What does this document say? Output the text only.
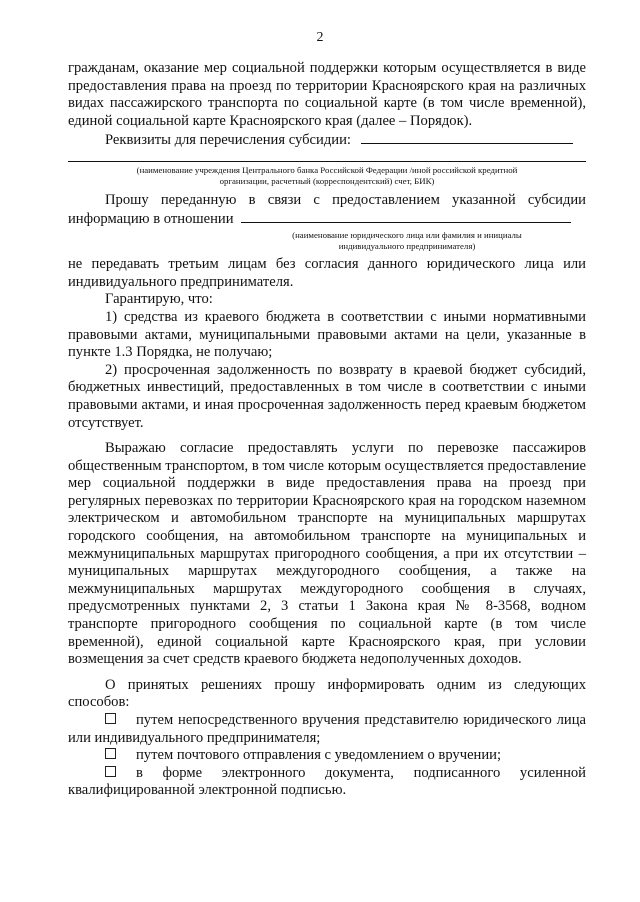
2

гражданам, оказание мер социальной поддержки которым осуществляется в виде предоставления права на проезд по территории Красноярского края на различных видах пассажирского транспорта по социальной карте (в том числе временной), единой социальной карте Красноярского края (далее – Порядок).

Реквизиты для перечисления субсидии:

(наименование учреждения Центрального банка Российской Федерации /иной российской кредитной
организации, расчетный (корреспондентский) счет, БИК)

Прошу переданную в связи с предоставлением указанной субсидии
информацию в отношении

(наименование юридического лица или фамилия и инициалы
индивидуального предпринимателя)

не передавать третьим лицам без согласия данного юридического лица или индивидуального предпринимателя.

Гарантирую, что:

1) средства из краевого бюджета в соответствии с иными нормативными правовыми актами, муниципальными правовыми актами на цели, указанные в пункте 1.3 Порядка, не получаю;

2) просроченная задолженность по возврату в краевой бюджет субсидий, бюджетных инвестиций, предоставленных в том числе в соответствии с иными правовыми актами, и иная просроченная задолженность перед краевым бюджетом отсутствует.

Выражаю согласие предоставлять услуги по перевозке пассажиров общественным транспортом, в том числе которым осуществляется предоставление мер социальной поддержки в виде предоставления права на проезд при регулярных перевозках по территории Красноярского края на городском наземном электрическом и автомобильном транспорте на муниципальных маршрутах городского сообщения, на автомобильном транспорте на муниципальных и межмуниципальных маршрутах пригородного сообщения, а при их отсутствии – муниципальных маршрутах междугородного сообщения, а также на межмуниципальных маршрутах междугородного сообщения в случаях, предусмотренных пунктами 2, 3 статьи 1 Закона края № 8-3568, водном транспорте пригородного сообщения по социальной карте (в том числе временной), единой социальной карте Красноярского края, при условии возмещения за счет средств краевого бюджета недополученных доходов.

О принятых решениях прошу информировать одним из следующих способов:

путем непосредственного вручения представителю юридического лица или индивидуального предпринимателя;

путем почтового отправления с уведомлением о вручении;

в форме электронного документа, подписанного усиленной квалифицированной электронной подписью.
